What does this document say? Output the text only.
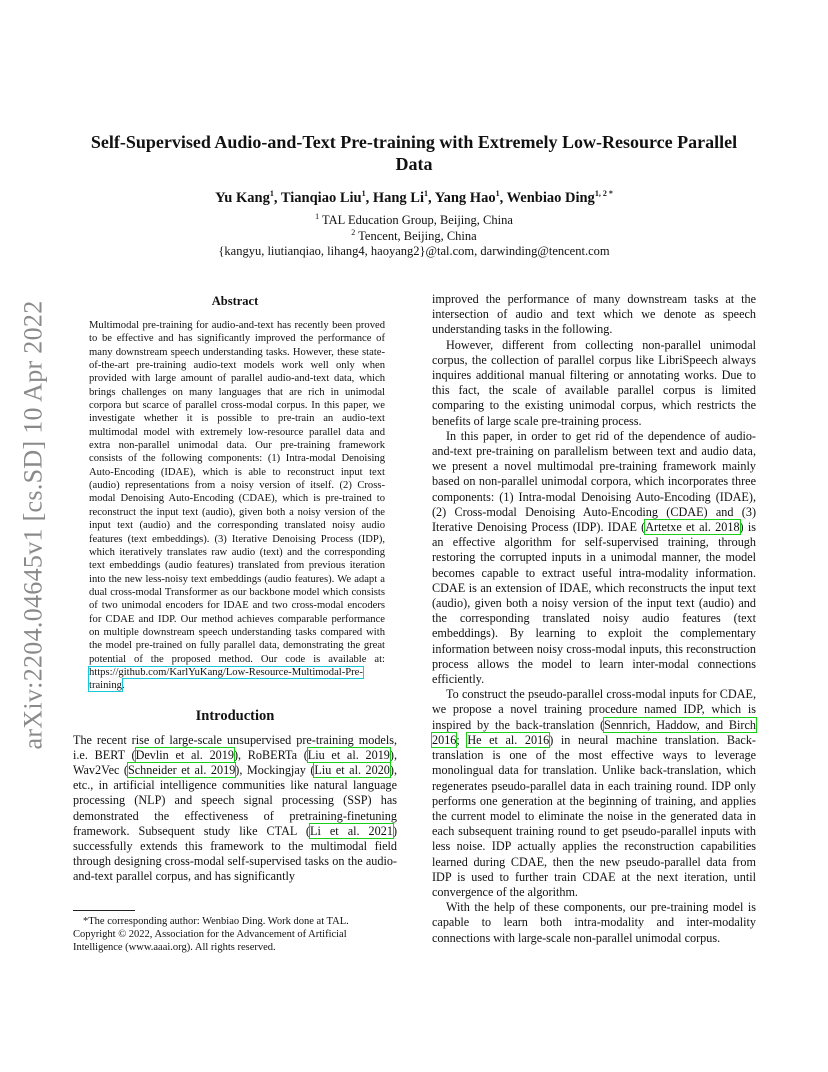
arXiv:2204.04645v1 [cs.SD] 10 Apr 2022
Self-Supervised Audio-and-Text Pre-training with Extremely Low-Resource Parallel Data
Yu Kang$^1$, Tianqiao Liu$^1$, Hang Li$^1$, Yang Hao$^1$, Wenbiao Ding$^{1, 2 *}$
$^1$ TAL Education Group, Beijing, China
$^2$ Tencent, Beijing, China
{kangyu, liutianqiao, lihang4, haoyang2}@tal.com, darwinding@tencent.com
Abstract
Multimodal pre-training for audio-and-text has recently been proved to be effective and has significantly improved the performance of many downstream speech understanding tasks. However, these state-of-the-art pre-training audio-text models work well only when provided with large amount of parallel audio-and-text data, which brings challenges on many languages that are rich in unimodal corpora but scarce of parallel cross-modal corpus. In this paper, we investigate whether it is possible to pre-train an audio-text multimodal model with extremely low-resource parallel data and extra non-parallel unimodal data. Our pre-training framework consists of the following components: (1) Intra-modal Denoising Auto-Encoding (IDAE), which is able to reconstruct input text (audio) representations from a noisy version of itself. (2) Cross-modal Denoising Auto-Encoding (CDAE), which is pre-trained to reconstruct the input text (audio), given both a noisy version of the input text (audio) and the corresponding translated noisy audio features (text embeddings). (3) Iterative Denoising Process (IDP), which iteratively translates raw audio (text) and the corresponding text embeddings (audio features) translated from previous iteration into the new less-noisy text embeddings (audio features). We adapt a dual cross-modal Transformer as our backbone model which consists of two unimodal encoders for IDAE and two cross-modal encoders for CDAE and IDP. Our method achieves comparable performance on multiple downstream speech understanding tasks compared with the model pre-trained on fully parallel data, demonstrating the great potential of the proposed method. Our code is available at: https://github.com/KarlYuKang/Low-Resource-Multimodal-Pre-training.
Introduction

The recent rise of large-scale unsupervised pre-training models, i.e. BERT (Devlin et al. 2019), RoBERTa (Liu et al. 2019), Wav2Vec (Schneider et al. 2019), Mockingjay (Liu et al. 2020), etc., in artificial intelligence communities like natural language processing (NLP) and speech signal processing (SSP) has demonstrated the effectiveness of pretraining-finetuning framework. Subsequent study like CTAL (Li et al. 2021) successfully extends this framework to the multimodal field through designing cross-modal self-supervised tasks on the audio-and-text parallel corpus, and has significantly

improved the performance of many downstream tasks at the intersection of audio and text which we denote as speech understanding tasks in the following.

However, different from collecting non-parallel unimodal corpus, the collection of parallel corpus like LibriSpeech always inquires additional manual filtering or annotating works. Due to this fact, the scale of available parallel corpus is limited comparing to the existing unimodal corpus, which restricts the benefits of large scale pre-training process.

In this paper, in order to get rid of the dependence of audio-and-text pre-training on parallelism between text and audio data, we present a novel multimodal pre-training framework mainly based on non-parallel unimodal corpora, which incorporates three components: (1) Intra-modal Denoising Auto-Encoding (IDAE), (2) Cross-modal Denoising Auto-Encoding (CDAE) and (3) Iterative Denoising Process (IDP). IDAE (Artetxe et al. 2018) is an effective algorithm for self-supervised training, through restoring the corrupted inputs in a unimodal manner, the model becomes capable to extract useful intra-modality information. CDAE is an extension of IDAE, which reconstructs the input text (audio), given both a noisy version of the input text (audio) and the corresponding translated noisy audio features (text embeddings). By learning to exploit the complementary information between noisy cross-modal inputs, this reconstruction process allows the model to learn inter-modal connections efficiently.

To construct the pseudo-parallel cross-modal inputs for CDAE, we propose a novel training procedure named IDP, which is inspired by the back-translation (Sennrich, Haddow, and Birch 2016; He et al. 2016) in neural machine translation. Back-translation is one of the most effective ways to leverage monolingual data for translation. Unlike back-translation, which regenerates pseudo-parallel data in each training round. IDP only performs one generation at the beginning of training, and applies the current model to eliminate the noise in the generated data in each subsequent training round to get pseudo-parallel inputs with less noise. IDP actually applies the reconstruction capabilities learned during CDAE, then the new pseudo-parallel data from IDP is used to further train CDAE at the next iteration, until convergence of the algorithm.

With the help of these components, our pre-training model is capable to learn both intra-modality and inter-modality connections with large-scale non-parallel unimodal corpus.

*The corresponding author: Wenbiao Ding. Work done at TAL.

Copyright © 2022, Association for the Advancement of Artificial Intelligence (www.aaai.org). All rights reserved.
